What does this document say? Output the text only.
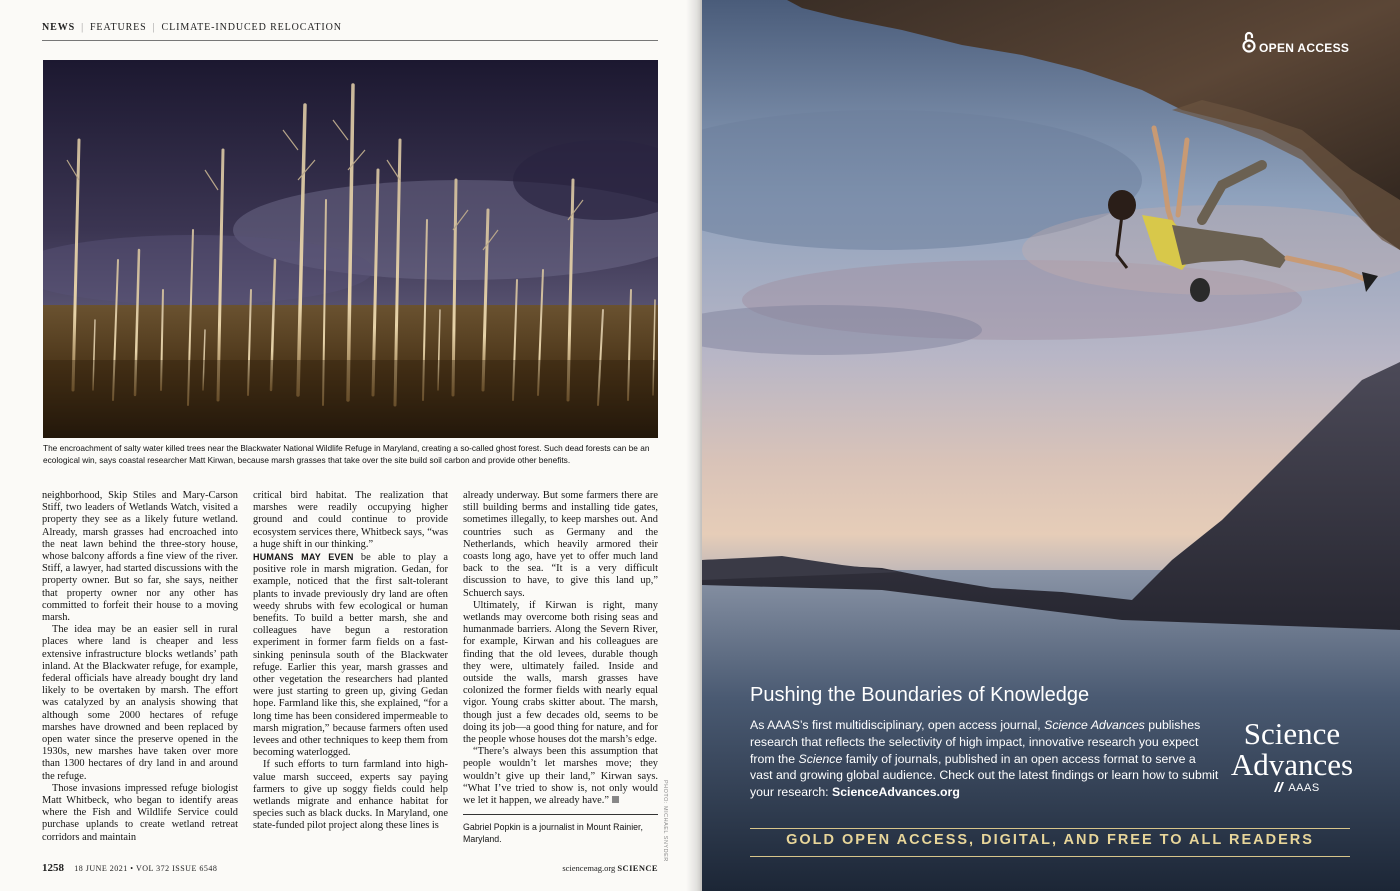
NEWS | FEATURES | CLIMATE-INDUCED RELOCATION
The encroachment of salty water killed trees near the Blackwater National Wildlife Refuge in Maryland, creating a so-called ghost forest. Such dead forests can be an ecological win, says coastal researcher Matt Kirwan, because marsh grasses that take over the site build soil carbon and provide other benefits.

neighborhood, Skip Stiles and Mary-Carson Stiff, two leaders of Wetlands Watch, visited a property they see as a likely future wetland. Already, marsh grasses had encroached into the neat lawn behind the three-story house, whose balcony affords a fine view of the river. Stiff, a lawyer, had started discussions with the property owner. But so far, she says, neither that property owner nor any other has committed to forfeit their house to a moving marsh.

The idea may be an easier sell in rural places where land is cheaper and less extensive infrastructure blocks wetlands’ path inland. At the Blackwater refuge, for example, federal officials have already bought dry land likely to be overtaken by marsh. The effort was catalyzed by an analysis showing that although some 2000 hectares of refuge marshes have drowned and been replaced by open water since the preserve opened in the 1930s, new marshes have taken over more than 1300 hectares of dry land in and around the refuge.

Those invasions impressed refuge biologist Matt Whitbeck, who began to identify areas where the Fish and Wildlife Service could purchase uplands to create wetland retreat corridors and maintain

critical bird habitat. The realization that marshes were readily occupying higher ground and could continue to provide ecosystem services there, Whitbeck says, “was a huge shift in our thinking.”

HUMANS MAY EVEN be able to play a positive role in marsh migration. Gedan, for example, noticed that the first salt-tolerant plants to invade previously dry land are often weedy shrubs with few ecological or human benefits. To build a better marsh, she and colleagues have begun a restoration experiment in former farm fields on a fast-sinking peninsula south of the Blackwater refuge. Earlier this year, marsh grasses and other vegetation the researchers had planted were just starting to green up, giving Gedan hope. Farmland like this, she explained, “for a long time has been considered impermeable to marsh migration,” because farmers often used levees and other techniques to keep them from becoming waterlogged.

If such efforts to turn farmland into high-value marsh succeed, experts say paying farmers to give up soggy fields could help wetlands migrate and enhance habitat for species such as black ducks. In Maryland, one state-funded pilot project along these lines is

already underway. But some farmers there are still building berms and installing tide gates, sometimes illegally, to keep marshes out. And countries such as Germany and the Netherlands, which heavily armored their coasts long ago, have yet to offer much land back to the sea. “It is a very difficult discussion to have, to give this land up,” Schuerch says.

Ultimately, if Kirwan is right, many wetlands may overcome both rising seas and humanmade barriers. Along the Severn River, for example, Kirwan and his colleagues are finding that the old levees, durable though they were, ultimately failed. Inside and outside the walls, marsh grasses have colonized the former fields with nearly equal vigor. Young crabs skitter about. The marsh, though just a few decades old, seems to be doing its job—a good thing for nature, and for the people whose houses dot the marsh’s edge.

“There’s always been this assumption that people wouldn’t let marshes move; they wouldn’t give up their land,” Kirwan says. “What I’ve tried to show is, not only would we let it happen, we already have.”

Gabriel Popkin is a journalist in Mount Rainier, Maryland.	PHOTO: MICHAEL SNYDER
1258 18 JUNE 2021 • VOL 372 ISSUE 6548	sciencemag.org SCIENCE
OPEN ACCESS
Pushing the Boundaries of Knowledge
As AAAS’s first multidisciplinary, open access journal, Science Advances publishes research that reflects the selectivity of high impact, innovative research you expect from the Science family of journals, published in an open access format to serve a vast and growing global audience. Check out the latest findings or learn how to submit your research: ScienceAdvances.org
Science
Advances
AAAS
GOLD OPEN ACCESS, DIGITAL, AND FREE TO ALL READERS
